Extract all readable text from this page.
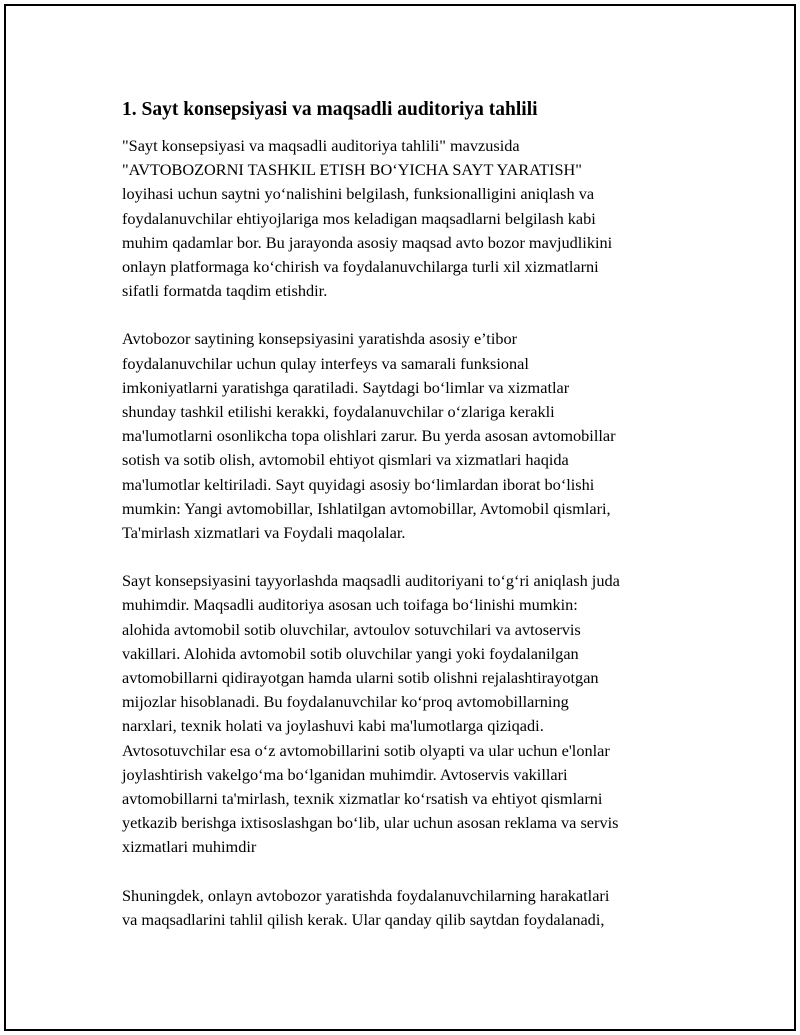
1. Sayt konsepsiyasi va maqsadli auditoriya tahlili

"Sayt konsepsiyasi va maqsadli auditoriya tahlili" mavzusida
"AVTOBOZORNI TASHKIL ETISH BO‘YICHA SAYT YARATISH"
loyihasi uchun saytni yo‘nalishini belgilash, funksionalligini aniqlash va
foydalanuvchilar ehtiyojlariga mos keladigan maqsadlarni belgilash kabi
muhim qadamlar bor. Bu jarayonda asosiy maqsad avto bozor mavjudlikini
onlayn platformaga ko‘chirish va foydalanuvchilarga turli xil xizmatlarni
sifatli formatda taqdim etishdir.

Avtobozor saytining konsepsiyasini yaratishda asosiy e’tibor
foydalanuvchilar uchun qulay interfeys va samarali funksional
imkoniyatlarni yaratishga qaratiladi. Saytdagi bo‘limlar va xizmatlar
shunday tashkil etilishi kerakki, foydalanuvchilar o‘zlariga kerakli
ma'lumotlarni osonlikcha topa olishlari zarur. Bu yerda asosan avtomobillar
sotish va sotib olish, avtomobil ehtiyot qismlari va xizmatlari haqida
ma'lumotlar keltiriladi. Sayt quyidagi asosiy bo‘limlardan iborat bo‘lishi
mumkin: Yangi avtomobillar, Ishlatilgan avtomobillar, Avtomobil qismlari,
Ta'mirlash xizmatlari va Foydali maqolalar.

Sayt konsepsiyasini tayyorlashda maqsadli auditoriyani to‘g‘ri aniqlash juda
muhimdir. Maqsadli auditoriya asosan uch toifaga bo‘linishi mumkin:
alohida avtomobil sotib oluvchilar, avtoulov sotuvchilari va avtoservis
vakillari. Alohida avtomobil sotib oluvchilar yangi yoki foydalanilgan
avtomobillarni qidirayotgan hamda ularni sotib olishni rejalashtirayotgan
mijozlar hisoblanadi. Bu foydalanuvchilar ko‘proq avtomobillarning
narxlari, texnik holati va joylashuvi kabi ma'lumotlarga qiziqadi.
Avtosotuvchilar esa o‘z avtomobillarini sotib olyapti va ular uchun e'lonlar
joylashtirish vakelgo‘ma bo‘lganidan muhimdir. Avtoservis vakillari
avtomobillarni ta'mirlash, texnik xizmatlar ko‘rsatish va ehtiyot qismlarni
yetkazib berishga ixtisoslashgan bo‘lib, ular uchun asosan reklama va servis
xizmatlari muhimdir

Shuningdek, onlayn avtobozor yaratishda foydalanuvchilarning harakatlari
va maqsadlarini tahlil qilish kerak. Ular qanday qilib saytdan foydalanadi,
